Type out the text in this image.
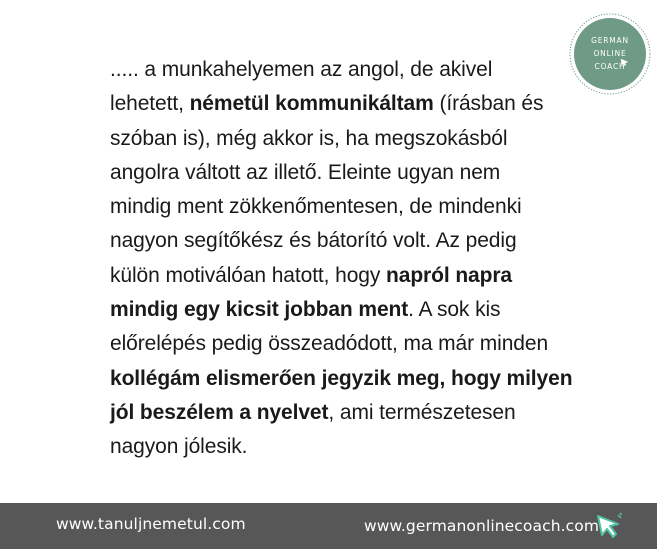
GERMAN
ONLINE
COACH
..... a munkahelyemen az angol, de akivel
lehetett, németül kommunikáltam (írásban és
szóban is), még akkor is, ha megszokásból
angolra váltott az illető. Eleinte ugyan nem
mindig ment zökkenőmentesen, de mindenki
nagyon segítőkész és bátorító volt. Az pedig
külön motiválóan hatott, hogy napról napra
mindig egy kicsit jobban ment. A sok kis
előrelépés pedig összeadódott, ma már minden
kollégám elismerően jegyzik meg, hogy milyen
jól beszélem a nyelvet, ami természetesen
nagyon jólesik.
www.tanuljnemetul.com	www.germanonlinecoach.com
